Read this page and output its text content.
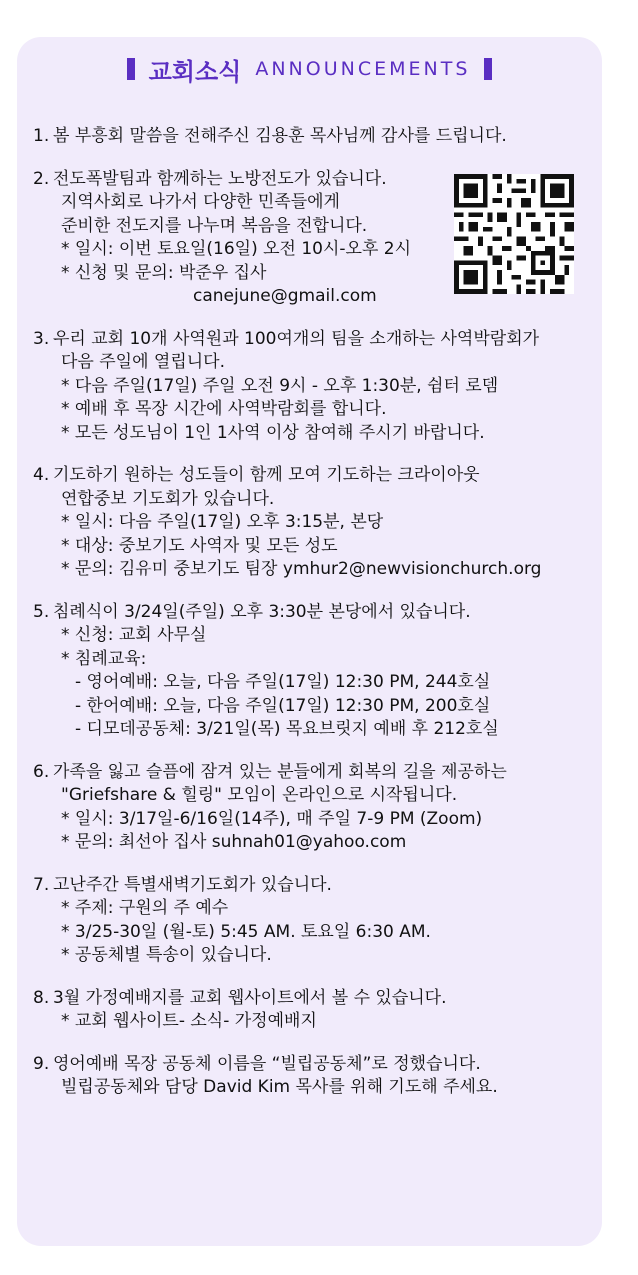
교회소식 ANNOUNCEMENTS
1. 봄 부흥회 말씀을 전해주신 김용훈 목사님께 감사를 드립니다.
2. 전도폭발팀과 함께하는 노방전도가 있습니다.
지역사회로 나가서 다양한 민족들에게
준비한 전도지를 나누며 복음을 전합니다.
* 일시: 이번 토요일(16일) 오전 10시-오후 2시
* 신청 및 문의: 박준우 집사
canejune@gmail.com
3. 우리 교회 10개 사역원과 100여개의 팀을 소개하는 사역박람회가
다음 주일에 열립니다.
* 다음 주일(17일) 주일 오전 9시 - 오후 1:30분, 쉼터 로뎀
* 예배 후 목장 시간에 사역박람회를 합니다.
* 모든 성도님이 1인 1사역 이상 참여해 주시기 바랍니다.
4. 기도하기 원하는 성도들이 함께 모여 기도하는 크라이아웃
연합중보 기도회가 있습니다.
* 일시: 다음 주일(17일) 오후 3:15분, 본당
* 대상: 중보기도 사역자 및 모든 성도
* 문의: 김유미 중보기도 팀장 ymhur2@newvisionchurch.org
5. 침례식이 3/24일(주일) 오후 3:30분 본당에서 있습니다.
* 신청: 교회 사무실
* 침례교육:
- 영어예배: 오늘, 다음 주일(17일) 12:30 PM, 244호실
- 한어예배: 오늘, 다음 주일(17일) 12:30 PM, 200호실
- 디모데공동체: 3/21일(목) 목요브릿지 예배 후 212호실
6. 가족을 잃고 슬픔에 잠겨 있는 분들에게 회복의 길을 제공하는
"Griefshare & 힐링" 모임이 온라인으로 시작됩니다.
* 일시: 3/17일-6/16일(14주), 매 주일 7-9 PM (Zoom)
* 문의: 최선아 집사 suhnah01@yahoo.com
7. 고난주간 특별새벽기도회가 있습니다.
* 주제: 구원의 주 예수
* 3/25-30일 (월-토) 5:45 AM. 토요일 6:30 AM.
* 공동체별 특송이 있습니다.
8. 3월 가정예배지를 교회 웹사이트에서 볼 수 있습니다.
* 교회 웹사이트- 소식- 가정예배지
9. 영어예배 목장 공동체 이름을 “빌립공동체”로 정했습니다.
빌립공동체와 담당 David Kim 목사를 위해 기도해 주세요.
